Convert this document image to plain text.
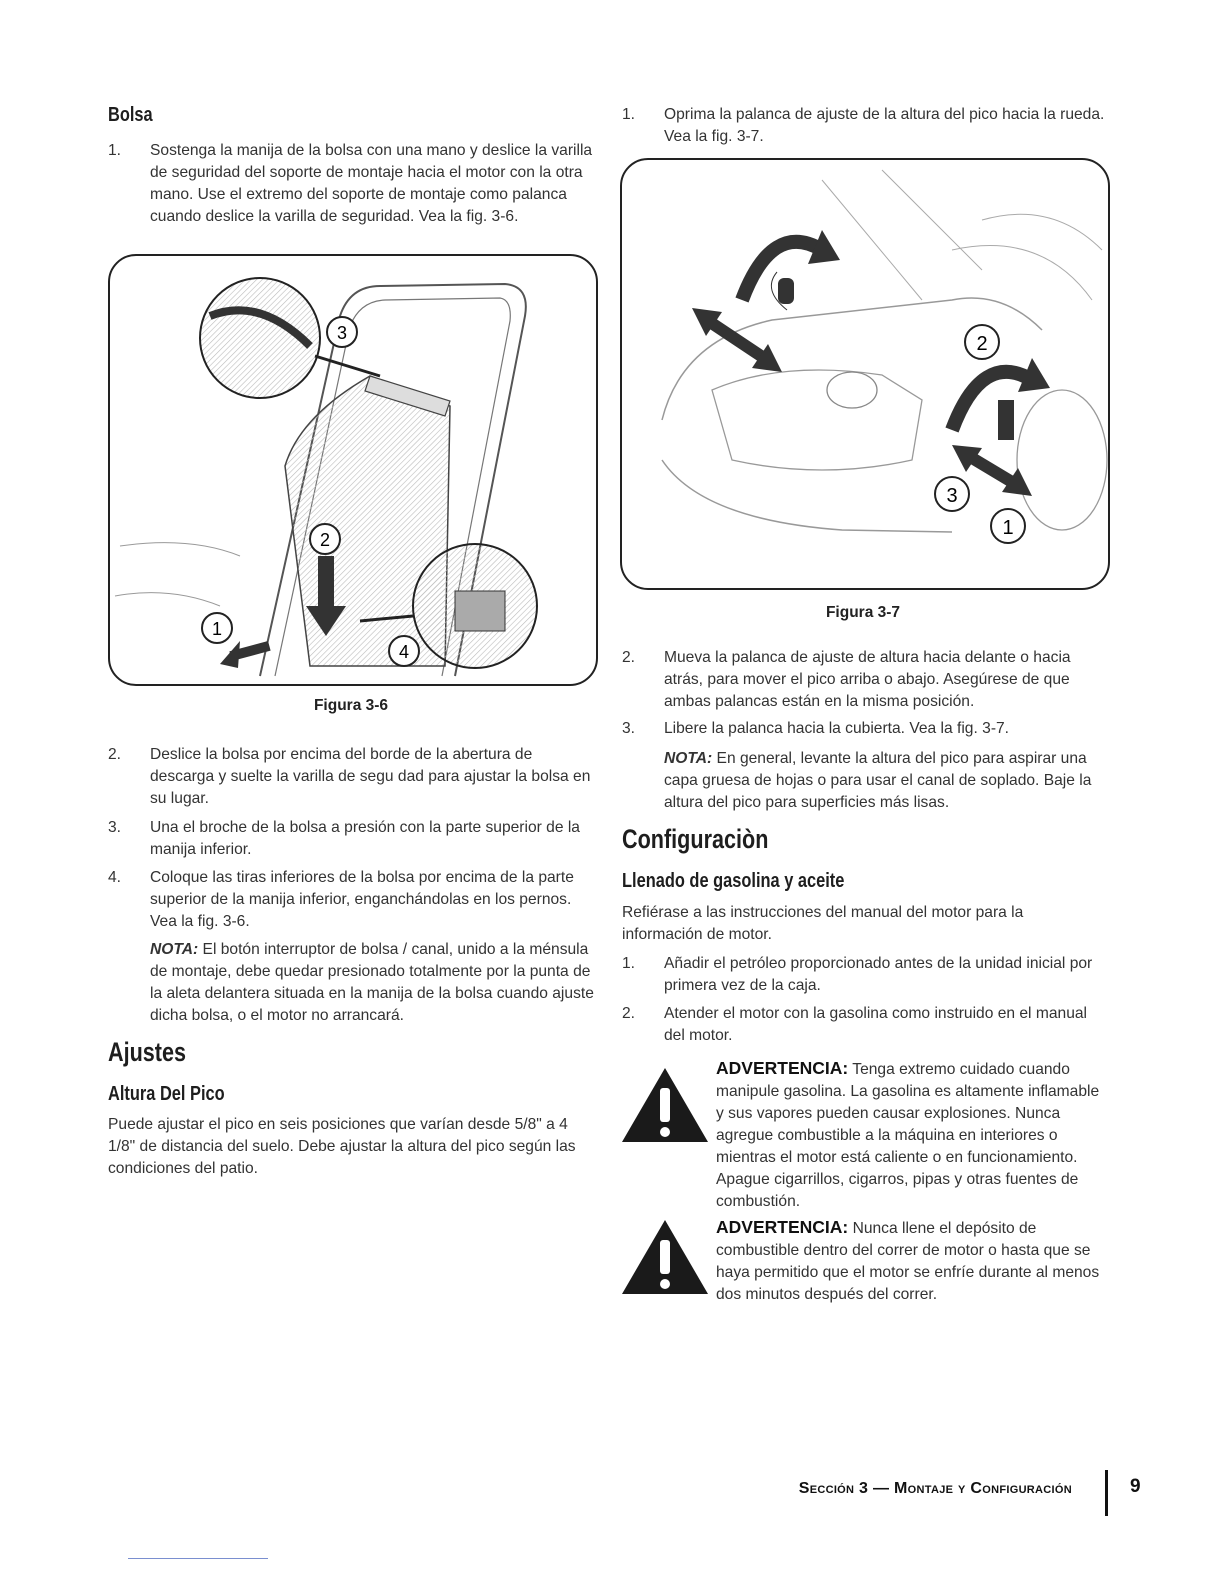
Bolsa
1. Sostenga la manija de la bolsa con una mano y deslice la varilla de seguridad del soporte de montaje hacia el motor con la otra mano. Use el extremo del soporte de montaje como palanca cuando deslice la varilla de seguridad. Vea la fig. 3-6.
3
2
1
4
Figura 3-6
2. Deslice la bolsa por encima del borde de la abertura de descarga y suelte la varilla de segu dad para ajustar la bolsa en su lugar.
3. Una el broche de la bolsa a presión con la parte superior de la manija inferior.
4. Coloque las tiras inferiores de la bolsa por encima de la parte superior de la manija inferior, enganchándolas en los pernos. Vea la fig. 3-6.
NOTA: El botón interruptor de bolsa / canal, unido a la ménsula de montaje, debe quedar presionado totalmente por la punta de la aleta delantera situada en la manija de la bolsa cuando ajuste dicha bolsa, o el motor no arrancará.
Ajustes
Altura Del Pico
Puede ajustar el pico en seis posiciones que varían desde 5/8" a 4 1/8" de distancia del suelo. Debe ajustar la altura del pico según las condiciones del patio.
1. Oprima la palanca de ajuste de la altura del pico hacia la rueda. Vea la fig. 3-7.
2
3
1
Figura 3-7
2. Mueva la palanca de ajuste de altura hacia delante o hacia atrás, para mover el pico arriba o abajo. Asegúrese de que ambas palancas están en la misma posición.
3. Libere la palanca hacia la cubierta. Vea la fig. 3-7.
NOTA: En general, levante la altura del pico para aspirar una capa gruesa de hojas o para usar el canal de soplado. Baje la altura del pico para superficies más lisas.
Configuraciòn
Llenado de gasolina y aceite
Refiérase a las instrucciones del manual del motor para la información de motor.
1. Añadir el petróleo proporcionado antes de la unidad inicial por primera vez de la caja.
2. Atender el motor con la gasolina como instruido en el manual del motor.
ADVERTENCIA: Tenga extremo cuidado cuando manipule gasolina. La gasolina es altamente inflamable y sus vapores pueden causar explosiones. Nunca agregue combustible a la máquina en interiores o mientras el motor está caliente o en funcionamiento. Apague cigarrillos, cigarros, pipas y otras fuentes de combustión.
ADVERTENCIA: Nunca llene el depósito de combustible dentro del correr de motor o hasta que se haya permitido que el motor se enfríe durante al menos dos minutos después del correr.
Sección 3 — Montaje y Configuración	9
